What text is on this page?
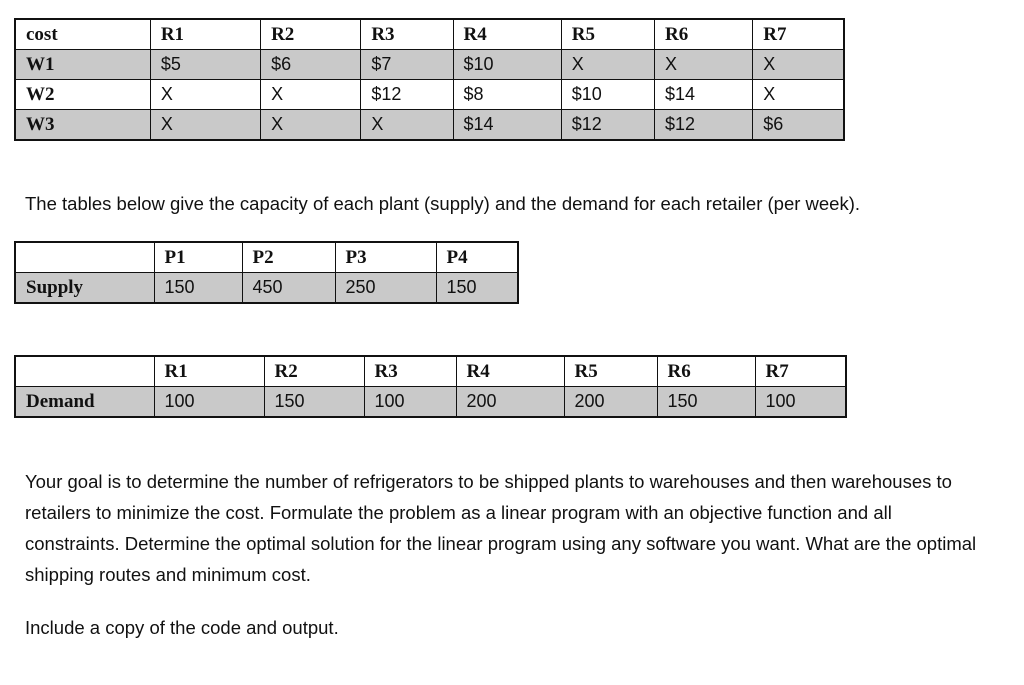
cost	R1	R2	R3	R4	R5	R6	R7
W1	$5	$6	$7	$10	X	X	X
W2	X	X	$12	$8	$10	$14	X
W3	X	X	X	$14	$12	$12	$6

The tables below give the capacity of each plant (supply) and the demand for each retailer (per week).

	P1	P2	P3	P4
Supply	150	450	250	150
	R1	R2	R3	R4	R5	R6	R7
Demand	100	150	100	200	200	150	100

Your goal is to determine the number of refrigerators to be shipped plants to warehouses and then warehouses to retailers to minimize the cost. Formulate the problem as a linear program with an objective function and all constraints. Determine the optimal solution for the linear program using any software you want. What are the optimal shipping routes and minimum cost.

Include a copy of the code and output.
